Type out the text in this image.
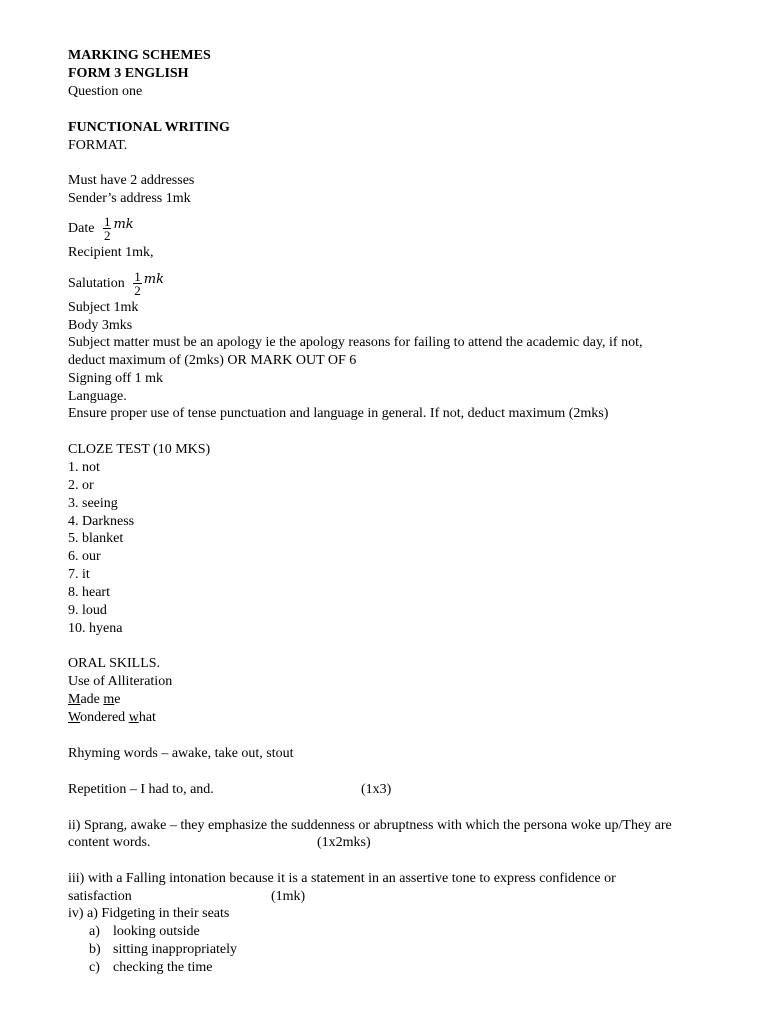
MARKING SCHEMES
FORM 3 ENGLISH
Question one
FUNCTIONAL WRITING
FORMAT.
Must have 2 addresses
Sender’s address 1mk
Date $\frac{1}{2}$ mk
Recipient 1mk,
Salutation $\frac{1}{2}$ mk
Subject 1mk
Body 3mks
Subject matter must be an apology ie the apology reasons for failing to attend the academic day, if not,
deduct maximum of (2mks) OR MARK OUT OF 6
Signing off 1 mk
Language.
Ensure proper use of tense punctuation and language in general. If not, deduct maximum (2mks)
CLOZE TEST (10 MKS)
1. not
2. or
3. seeing
4. Darkness
5. blanket
6. our
7. it
8. heart
9. loud
10. hyena
ORAL SKILLS.
Use of Alliteration
Made me
Wondered what
Rhyming words – awake, take out, stout
Repetition – I had to, and.	(1x3)
ii) Sprang, awake – they emphasize the suddenness or abruptness with which the persona woke up/They are
content words.	(1x2mks)
iii) with a Falling intonation because it is a statement in an assertive tone to express confidence or
satisfaction	(1mk)
iv) a) Fidgeting in their seats
a) looking outside
b) sitting inappropriately
c) checking the time
